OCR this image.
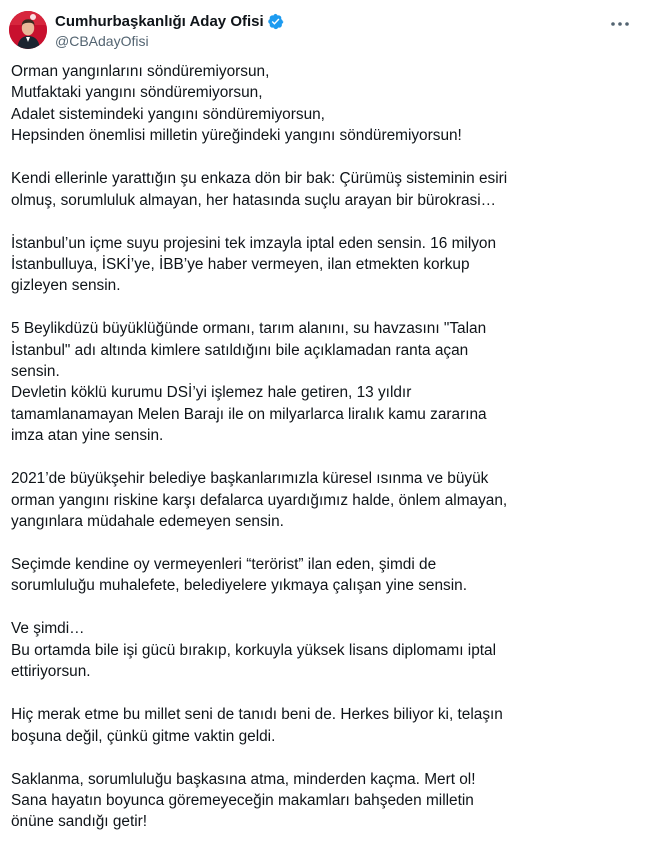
Cumhurbaşkanlığı Aday Ofisi
@CBAdayOfisi
Orman yangınlarını söndüremiyorsun,
Mutfaktaki yangını söndüremiyorsun,
Adalet sistemindeki yangını söndüremiyorsun,
Hepsinden önemlisi milletin yüreğindeki yangını söndüremiyorsun!
Kendi ellerinle yarattığın şu enkaza dön bir bak: Çürümüş sisteminin esiri
olmuş, sorumluluk almayan, her hatasında suçlu arayan bir bürokrasi…
İstanbul’un içme suyu projesini tek imzayla iptal eden sensin. 16 milyon
İstanbulluya, İSKİ’ye, İBB’ye haber vermeyen, ilan etmekten korkup
gizleyen sensin.
5 Beylikdüzü büyüklüğünde ormanı, tarım alanını, su havzasını "Talan
İstanbul" adı altında kimlere satıldığını bile açıklamadan ranta açan
sensin.
Devletin köklü kurumu DSİ’yi işlemez hale getiren, 13 yıldır
tamamlanamayan Melen Barajı ile on milyarlarca liralık kamu zararına
imza atan yine sensin.
2021’de büyükşehir belediye başkanlarımızla küresel ısınma ve büyük
orman yangını riskine karşı defalarca uyardığımız halde, önlem almayan,
yangınlara müdahale edemeyen sensin.
Seçimde kendine oy vermeyenleri “terörist” ilan eden, şimdi de
sorumluluğu muhalefete, belediyelere yıkmaya çalışan yine sensin.
Ve şimdi…
Bu ortamda bile işi gücü bırakıp, korkuyla yüksek lisans diplomamı iptal
ettiriyorsun.
Hiç merak etme bu millet seni de tanıdı beni de. Herkes biliyor ki, telaşın
boşuna değil, çünkü gitme vaktin geldi.
Saklanma, sorumluluğu başkasına atma, minderden kaçma. Mert ol!
Sana hayatın boyunca göremeyeceğin makamları bahşeden milletin
önüne sandığı getir!
